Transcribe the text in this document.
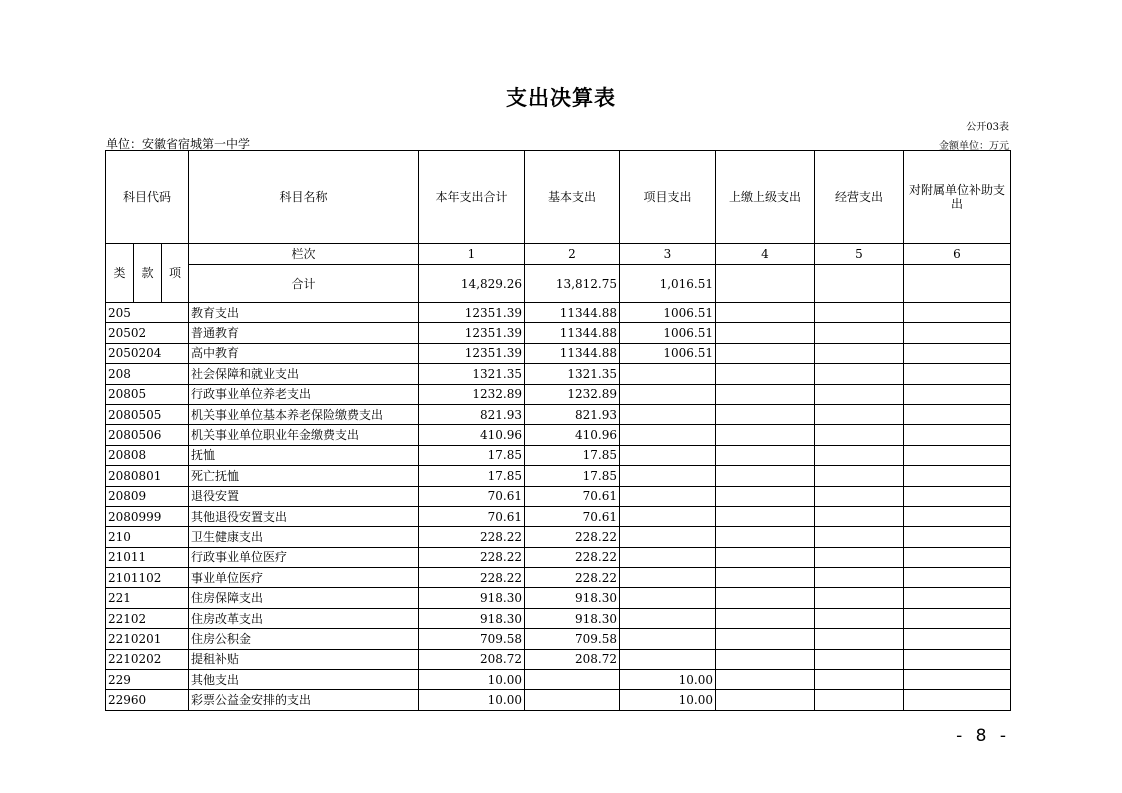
支出决算表
公开03表
单位：安徽省宿城第一中学	金额单位：万元
科目代码			科目名称	本年支出合计	基本支出	项目支出	上缴上级支出	经营支出	对附属单位补助支出
类	款	项	栏次	1	2	3	4	5	6
			合计	14,829.26	13,812.75	1,016.51			
205			教育支出	12351.39	11344.88	1006.51			
20502			普通教育	12351.39	11344.88	1006.51			
2050204			高中教育	12351.39	11344.88	1006.51			
208			社会保障和就业支出	1321.35	1321.35				
20805			行政事业单位养老支出	1232.89	1232.89				
2080505			机关事业单位基本养老保险缴费支出	821.93	821.93				
2080506			机关事业单位职业年金缴费支出	410.96	410.96				
20808			抚恤	17.85	17.85				
2080801			死亡抚恤	17.85	17.85				
20809			退役安置	70.61	70.61				
2080999			其他退役安置支出	70.61	70.61				
210			卫生健康支出	228.22	228.22				
21011			行政事业单位医疗	228.22	228.22				
2101102			事业单位医疗	228.22	228.22				
221			住房保障支出	918.30	918.30				
22102			住房改革支出	918.30	918.30				
2210201			住房公积金	709.58	709.58				
2210202			提租补贴	208.72	208.72				
229			其他支出	10.00		10.00			
22960			彩票公益金安排的支出	10.00		10.00			
- 8 -
